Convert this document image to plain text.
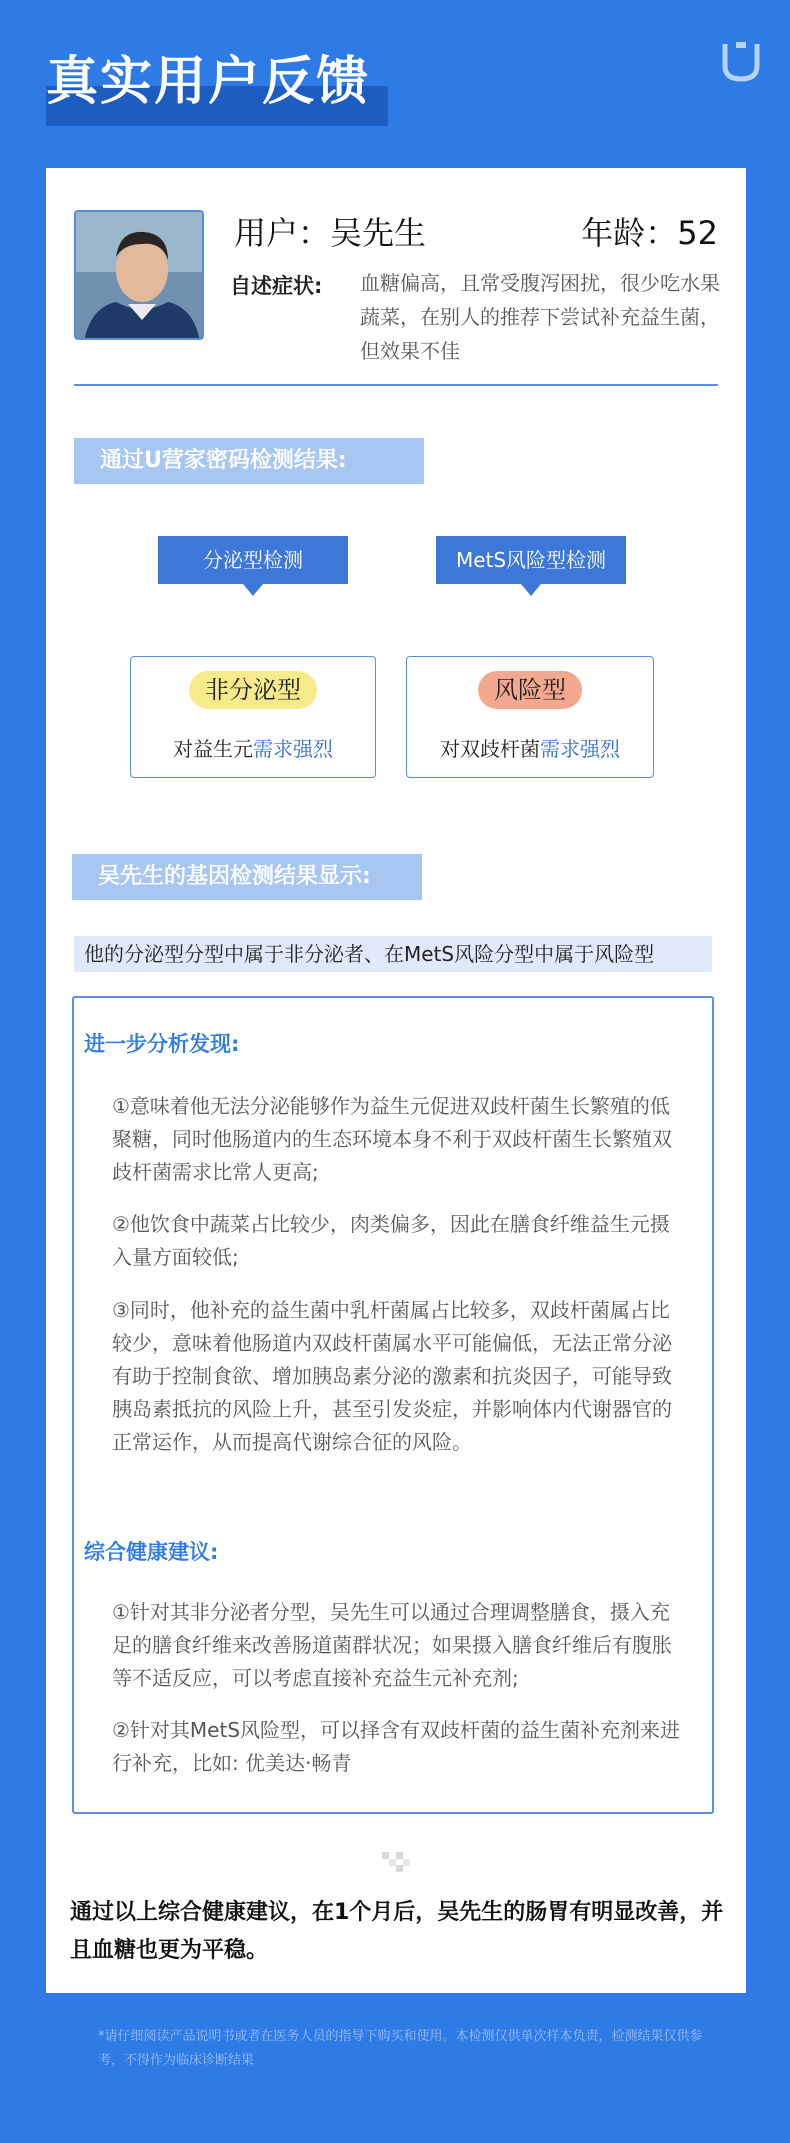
真实用户反馈
用户：吴先生	年龄：52
自述症状: 血糖偏高，且常受腹泻困扰，很少吃水果蔬菜，在别人的推荐下尝试补充益生菌，但效果不佳
通过U营家密码检测结果:
分泌型检测	MetS风险型检测
非分泌型
对益生元需求强烈
风险型
对双歧杆菌需求强烈
吴先生的基因检测结果显示:
他的分泌型分型中属于非分泌者、在MetS风险分型中属于风险型
进一步分析发现:
①意味着他无法分泌能够作为益生元促进双歧杆菌生长繁殖的低聚糖，同时他肠道内的生态环境本身不利于双歧杆菌生长繁殖双歧杆菌需求比常人更高;
②他饮食中蔬菜占比较少，肉类偏多，因此在膳食纤维益生元摄入量方面较低;
③同时，他补充的益生菌中乳杆菌属占比较多，双歧杆菌属占比较少，意味着他肠道内双歧杆菌属水平可能偏低，无法正常分泌有助于控制食欲、增加胰岛素分泌的激素和抗炎因子，可能导致胰岛素抵抗的风险上升，甚至引发炎症，并影响体内代谢器官的正常运作，从而提高代谢综合征的风险。
综合健康建议:
①针对其非分泌者分型，吴先生可以通过合理调整膳食，摄入充足的膳食纤维来改善肠道菌群状况；如果摄入膳食纤维后有腹胀等不适反应，可以考虑直接补充益生元补充剂;
②针对其MetS风险型，可以择含有双歧杆菌的益生菌补充剂来进行补充，比如: 优美达·畅青
通过以上综合健康建议，在1个月后，吴先生的肠胃有明显改善，并且血糖也更为平稳。
*请仔细阅读产品说明书或者在医务人员的指导下购买和使用。本检测仅供单次样本负责，检测结果仅供参考，不得作为临床诊断结果
